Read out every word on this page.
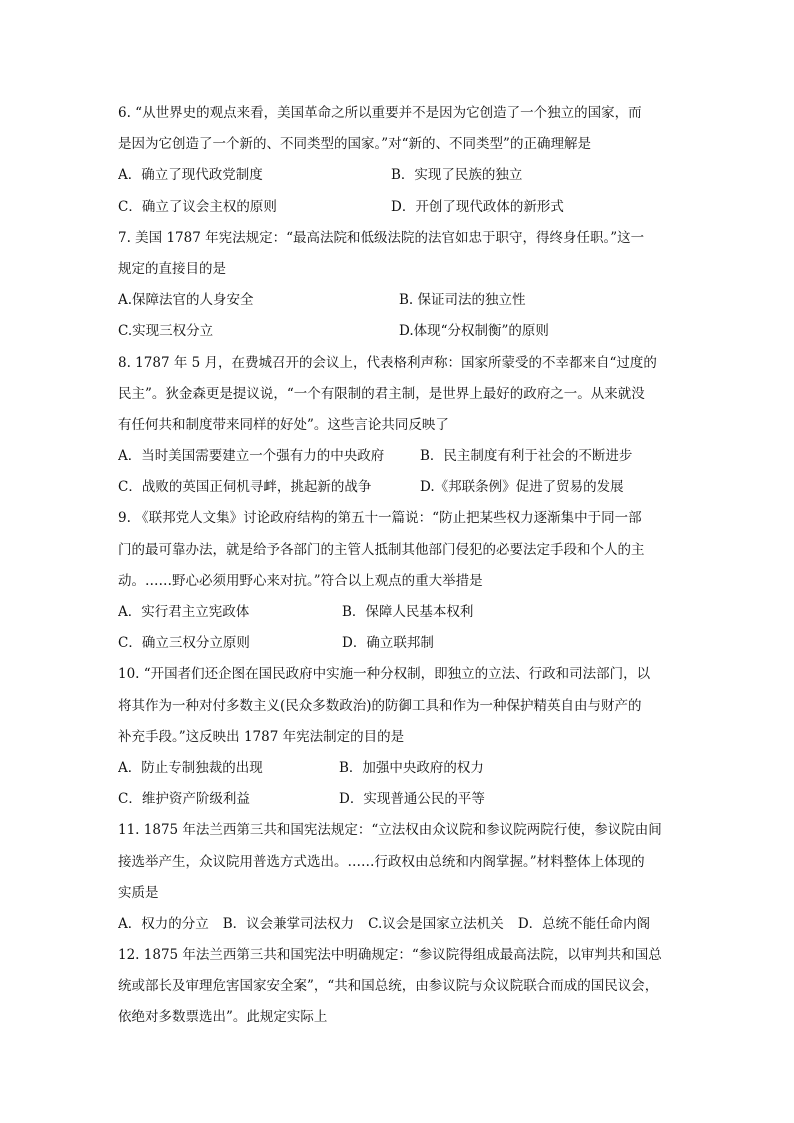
6. “从世界史的观点来看，美国革命之所以重要并不是因为它创造了一个独立的国家，而
是因为它创造了一个新的、不同类型的国家。”对“新的、不同类型”的正确理解是
A．确立了现代政党制度	B．实现了民族的独立
C．确立了议会主权的原则	D．开创了现代政体的新形式
7. 美国 1787 年宪法规定：“最高法院和低级法院的法官如忠于职守，得终身任职。”这一
规定的直接目的是
A.保障法官的人身安全	B. 保证司法的独立性
C.实现三权分立	D.体现“分权制衡”的原则
8. 1787 年 5 月，在费城召开的会议上，代表格利声称：国家所蒙受的不幸都来自“过度的
民主”。狄金森更是提议说，“一个有限制的君主制，是世界上最好的政府之一。从来就没
有任何共和制度带来同样的好处”。这些言论共同反映了
A．当时美国需要建立一个强有力的中央政府	B．民主制度有利于社会的不断进步
C．战败的英国正伺机寻衅，挑起新的战争	D.《邦联条例》促进了贸易的发展
9. 《联邦党人文集》讨论政府结构的第五十一篇说：“防止把某些权力逐渐集中于同一部
门的最可靠办法，就是给予各部门的主管人抵制其他部门侵犯的必要法定手段和个人的主
动。……野心必须用野心来对抗。”符合以上观点的重大举措是
A．实行君主立宪政体	B．保障人民基本权利
C．确立三权分立原则	D．确立联邦制
10. “开国者们还企图在国民政府中实施一种分权制，即独立的立法、行政和司法部门，以
将其作为一种对付多数主义(民众多数政治)的防御工具和作为一种保护精英自由与财产的
补充手段。”这反映出 1787 年宪法制定的目的是
A．防止专制独裁的出现	B．加强中央政府的权力
C．维护资产阶级利益	D．实现普通公民的平等
11. 1875 年法兰西第三共和国宪法规定：“立法权由众议院和参议院两院行使，参议院由间
接选举产生，众议院用普选方式选出。……行政权由总统和内阁掌握。”材料整体上体现的
实质是
A．权力的分立 B．议会兼掌司法权力 C.议会是国家立法机关 D．总统不能任命内阁
12. 1875 年法兰西第三共和国宪法中明确规定：“参议院得组成最高法院，以审判共和国总
统或部长及审理危害国家安全案”，“共和国总统，由参议院与众议院联合而成的国民议会，
依绝对多数票选出”。此规定实际上
